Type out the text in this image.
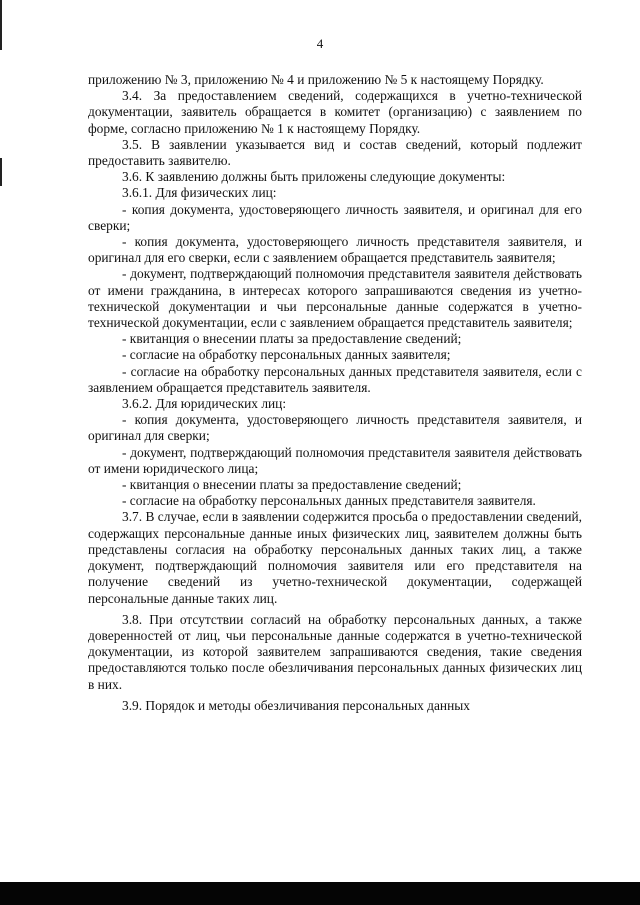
4

приложению № 3, приложению № 4 и приложению № 5 к настоящему Порядку.

3.4. За предоставлением сведений, содержащихся в учетно-технической документации, заявитель обращается в комитет (организацию) с заявлением по форме, согласно приложению № 1 к настоящему Порядку.

3.5. В заявлении указывается вид и состав сведений, который подлежит предоставить заявителю.

3.6. К заявлению должны быть приложены следующие документы:

3.6.1. Для физических лиц:

- копия документа, удостоверяющего личность заявителя, и оригинал для его сверки;

- копия документа, удостоверяющего личность представителя заявителя, и оригинал для его сверки, если с заявлением обращается представитель заявителя;

- документ, подтверждающий полномочия представителя заявителя действовать от имени гражданина, в интересах которого запрашиваются сведения из учетно-технической документации и чьи персональные данные содержатся в учетно-технической документации, если с заявлением обращается представитель заявителя;

- квитанция о внесении платы за предоставление сведений;

- согласие на обработку персональных данных заявителя;

- согласие на обработку персональных данных представителя заявителя, если с заявлением обращается представитель заявителя.

3.6.2. Для юридических лиц:

- копия документа, удостоверяющего личность представителя заявителя, и оригинал для сверки;

- документ, подтверждающий полномочия представителя заявителя действовать от имени юридического лица;

- квитанция о внесении платы за предоставление сведений;

- согласие на обработку персональных данных представителя заявителя.

3.7. В случае, если в заявлении содержится просьба о предоставлении сведений, содержащих персональные данные иных физических лиц, заявителем должны быть представлены согласия на обработку персональных данных таких лиц, а также документ, подтверждающий полномочия заявителя или его представителя на получение сведений из учетно-технической документации, содержащей персональные данные таких лиц.

3.8. При отсутствии согласий на обработку персональных данных, а также доверенностей от лиц, чьи персональные данные содержатся в учетно-технической документации, из которой заявителем запрашиваются сведения, такие сведения предоставляются только после обезличивания персональных данных физических лиц в них.

3.9. Порядок и методы обезличивания персональных данных
